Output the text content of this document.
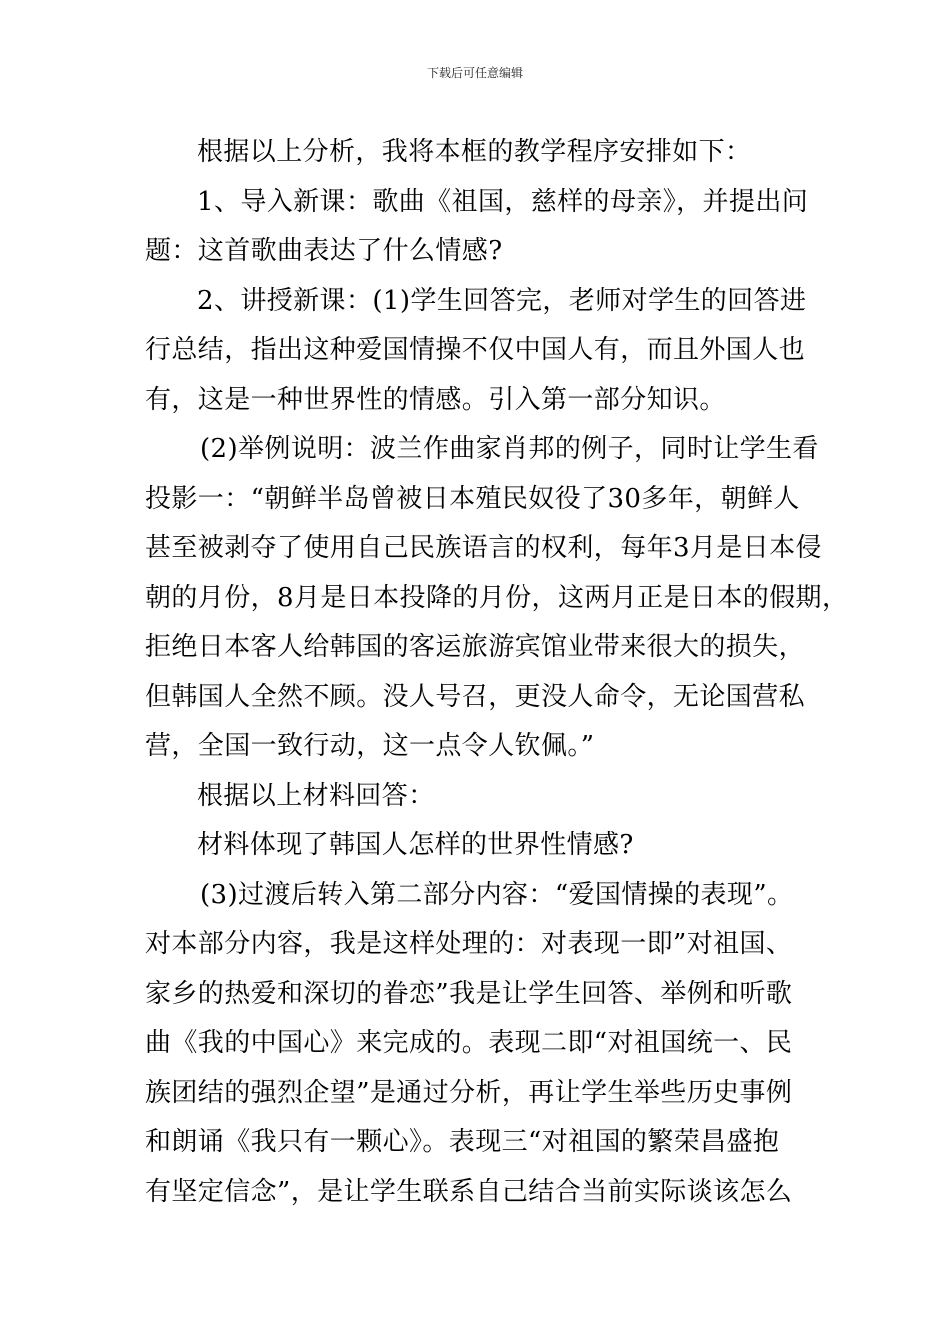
下载后可任意编辑
根据以上分析，我将本框的教学程序安排如下：
1、导入新课：歌曲《祖国，慈样的母亲》，并提出问
题：这首歌曲表达了什么情感?
2、讲授新课：(1)学生回答完，老师对学生的回答进
行总结，指出这种爱国情操不仅中国人有，而且外国人也
有，这是一种世界性的情感。引入第一部分知识。
(2)举例说明：波兰作曲家肖邦的例子，同时让学生看
投影一：“朝鲜半岛曾被日本殖民奴役了30多年，朝鲜人
甚至被剥夺了使用自己民族语言的权利，每年3月是日本侵
朝的月份，8月是日本投降的月份，这两月正是日本的假期，
拒绝日本客人给韩国的客运旅游宾馆业带来很大的损失，
但韩国人全然不顾。没人号召，更没人命令，无论国营私
营，全国一致行动，这一点令人钦佩。”
根据以上材料回答：
材料体现了韩国人怎样的世界性情感?
(3)过渡后转入第二部分内容：“爱国情操的表现”。
对本部分内容，我是这样处理的：对表现一即”对祖国、
家乡的热爱和深切的眷恋”我是让学生回答、举例和听歌
曲《我的中国心》来完成的。表现二即“对祖国统一、民
族团结的强烈企望”是通过分析，再让学生举些历史事例
和朗诵《我只有一颗心》。表现三“对祖国的繁荣昌盛抱
有坚定信念”，是让学生联系自己结合当前实际谈该怎么
